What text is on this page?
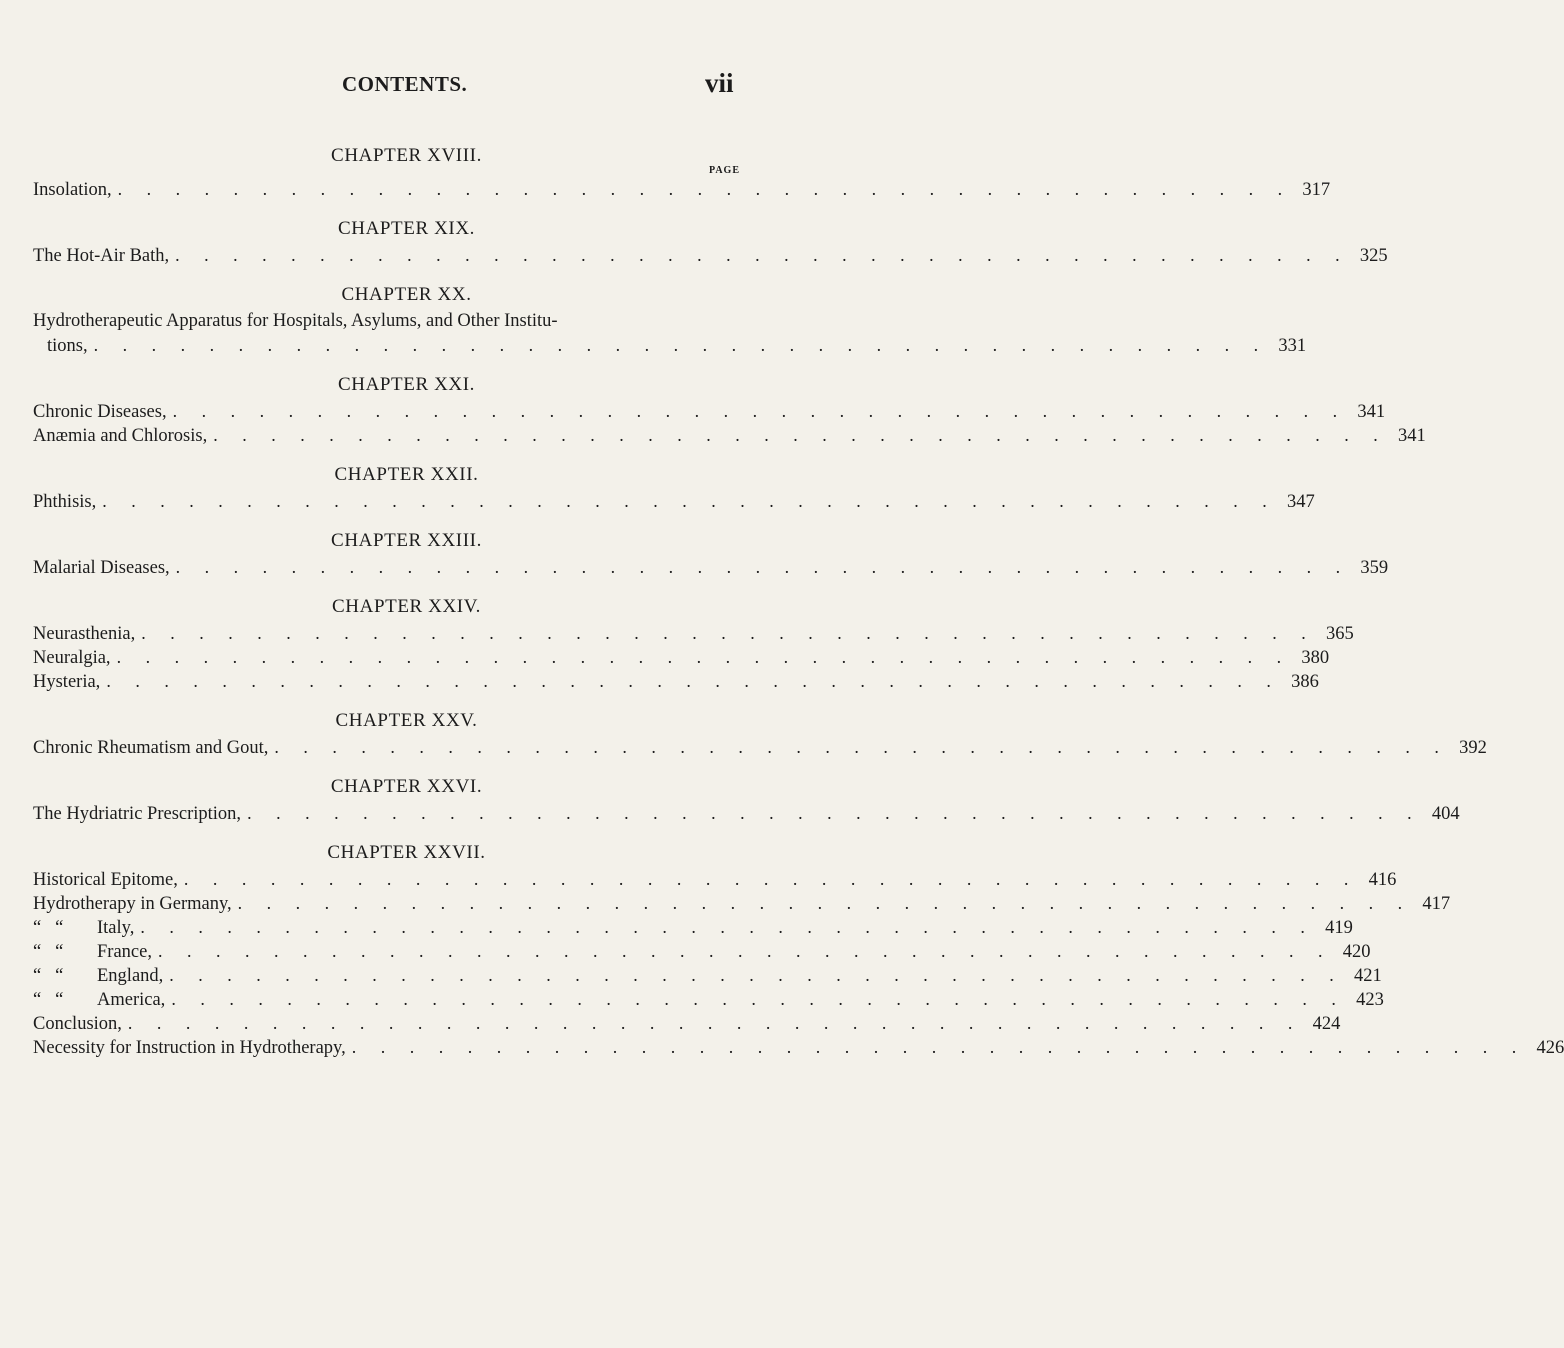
CONTENTS.	vii
CHAPTER XVIII.
PAGE
Insolation, . . . . . . . . . . . . . . . . . . . . . . . . . . . . . . . . . . . . . . . . . 317
CHAPTER XIX.
The Hot-Air Bath, . . . . . . . . . . . . . . . . . . . . . . . . . . . . . . . . . . . . . . . . . 325
CHAPTER XX.
Hydrotherapeutic Apparatus for Hospitals, Asylums, and Other Institu-
tions, . . . . . . . . . . . . . . . . . . . . . . . . . . . . . . . . . . . . . . . . . 331
CHAPTER XXI.
Chronic Diseases, . . . . . . . . . . . . . . . . . . . . . . . . . . . . . . . . . . . . . . . . . 341
Anæmia and Chlorosis, . . . . . . . . . . . . . . . . . . . . . . . . . . . . . . . . . . . . . . . . . 341
CHAPTER XXII.
Phthisis, . . . . . . . . . . . . . . . . . . . . . . . . . . . . . . . . . . . . . . . . . 347
CHAPTER XXIII.
Malarial Diseases, . . . . . . . . . . . . . . . . . . . . . . . . . . . . . . . . . . . . . . . . . 359
CHAPTER XXIV.
Neurasthenia, . . . . . . . . . . . . . . . . . . . . . . . . . . . . . . . . . . . . . . . . . 365
Neuralgia, . . . . . . . . . . . . . . . . . . . . . . . . . . . . . . . . . . . . . . . . . 380
Hysteria, . . . . . . . . . . . . . . . . . . . . . . . . . . . . . . . . . . . . . . . . . 386
CHAPTER XXV.
Chronic Rheumatism and Gout, . . . . . . . . . . . . . . . . . . . . . . . . . . . . . . . . . . . . . . . . . 392
CHAPTER XXVI.
The Hydriatric Prescription, . . . . . . . . . . . . . . . . . . . . . . . . . . . . . . . . . . . . . . . . . 404
CHAPTER XXVII.
Historical Epitome, . . . . . . . . . . . . . . . . . . . . . . . . . . . . . . . . . . . . . . . . . 416
Hydrotherapy in Germany, . . . . . . . . . . . . . . . . . . . . . . . . . . . . . . . . . . . . . . . . . 417
“   “ Italy, . . . . . . . . . . . . . . . . . . . . . . . . . . . . . . . . . . . . . . . . . 419
“   “ France, . . . . . . . . . . . . . . . . . . . . . . . . . . . . . . . . . . . . . . . . . 420
“   “ England, . . . . . . . . . . . . . . . . . . . . . . . . . . . . . . . . . . . . . . . . . 421
“   “ America, . . . . . . . . . . . . . . . . . . . . . . . . . . . . . . . . . . . . . . . . . 423
Conclusion, . . . . . . . . . . . . . . . . . . . . . . . . . . . . . . . . . . . . . . . . . 424
Necessity for Instruction in Hydrotherapy, . . . . . . . . . . . . . . . . . . . . . . . . . . . . . . . . . . . . . . . . . 426
